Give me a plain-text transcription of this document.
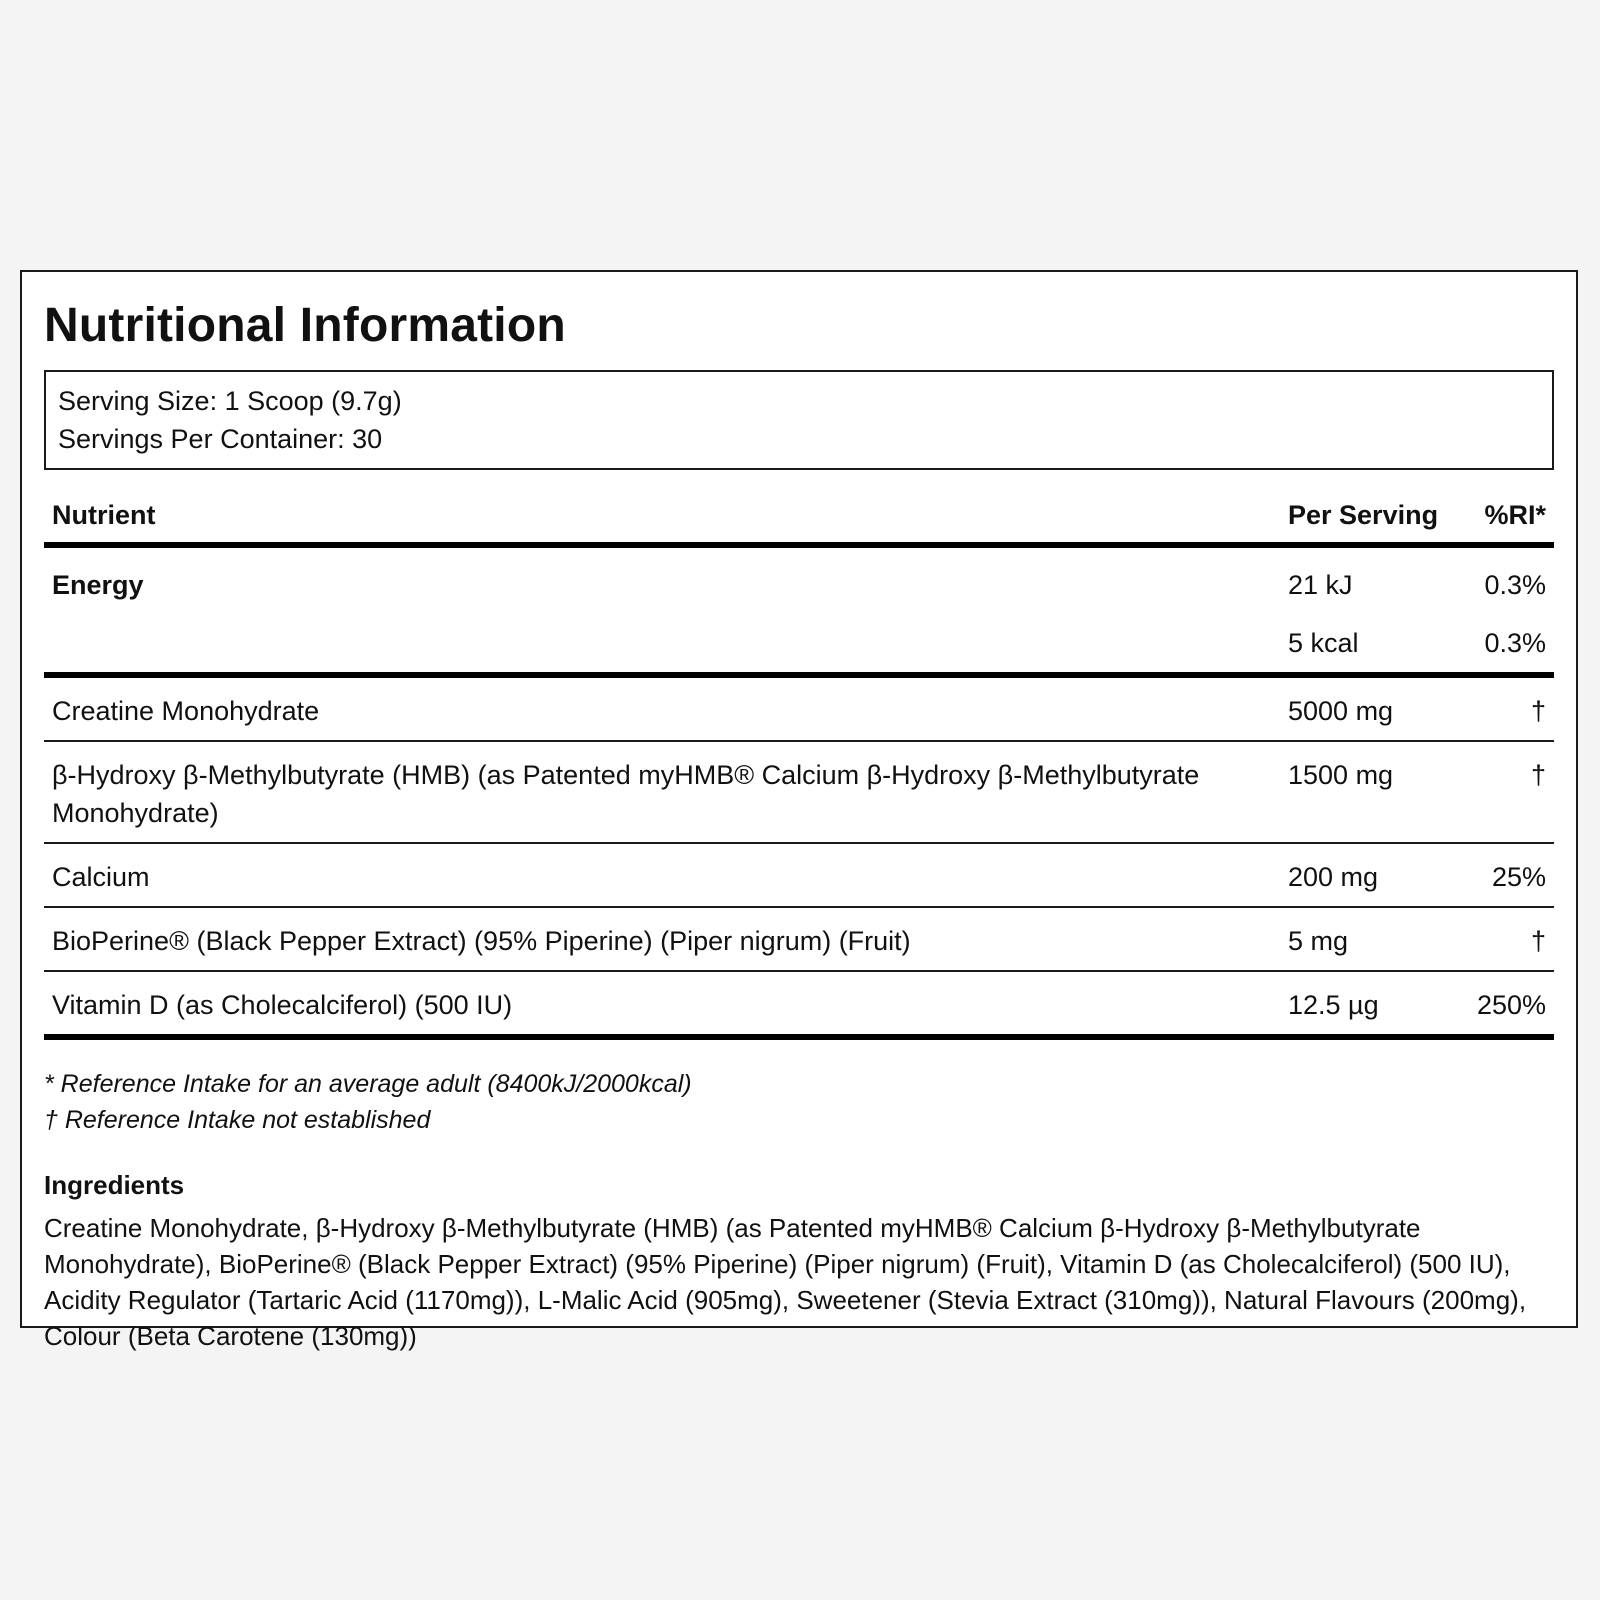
Nutritional Information
Serving Size: 1 Scoop (9.7g)
Servings Per Container: 30
Nutrient	Per Serving	%RI*
Energy	21 kJ	0.3%
	5 kcal	0.3%
Creatine Monohydrate	5000 mg	†
β-Hydroxy β-Methylbutyrate (HMB) (as Patented myHMB® Calcium β-Hydroxy β-Methylbutyrate Monohydrate)	1500 mg	†
Calcium	200 mg	25%
BioPerine® (Black Pepper Extract) (95% Piperine) (Piper nigrum) (Fruit)	5 mg	†
Vitamin D (as Cholecalciferol) (500 IU)	12.5 µg	250%
* Reference Intake for an average adult (8400kJ/2000kcal)
† Reference Intake not established
Ingredients
Creatine Monohydrate, β-Hydroxy β-Methylbutyrate (HMB) (as Patented myHMB® Calcium β-Hydroxy β-Methylbutyrate Monohydrate), BioPerine® (Black Pepper Extract) (95% Piperine) (Piper nigrum) (Fruit), Vitamin D (as Cholecalciferol) (500 IU), Acidity Regulator (Tartaric Acid (1170mg)), L-Malic Acid (905mg), Sweetener (Stevia Extract (310mg)), Natural Flavours (200mg), Colour (Beta Carotene (130mg))
